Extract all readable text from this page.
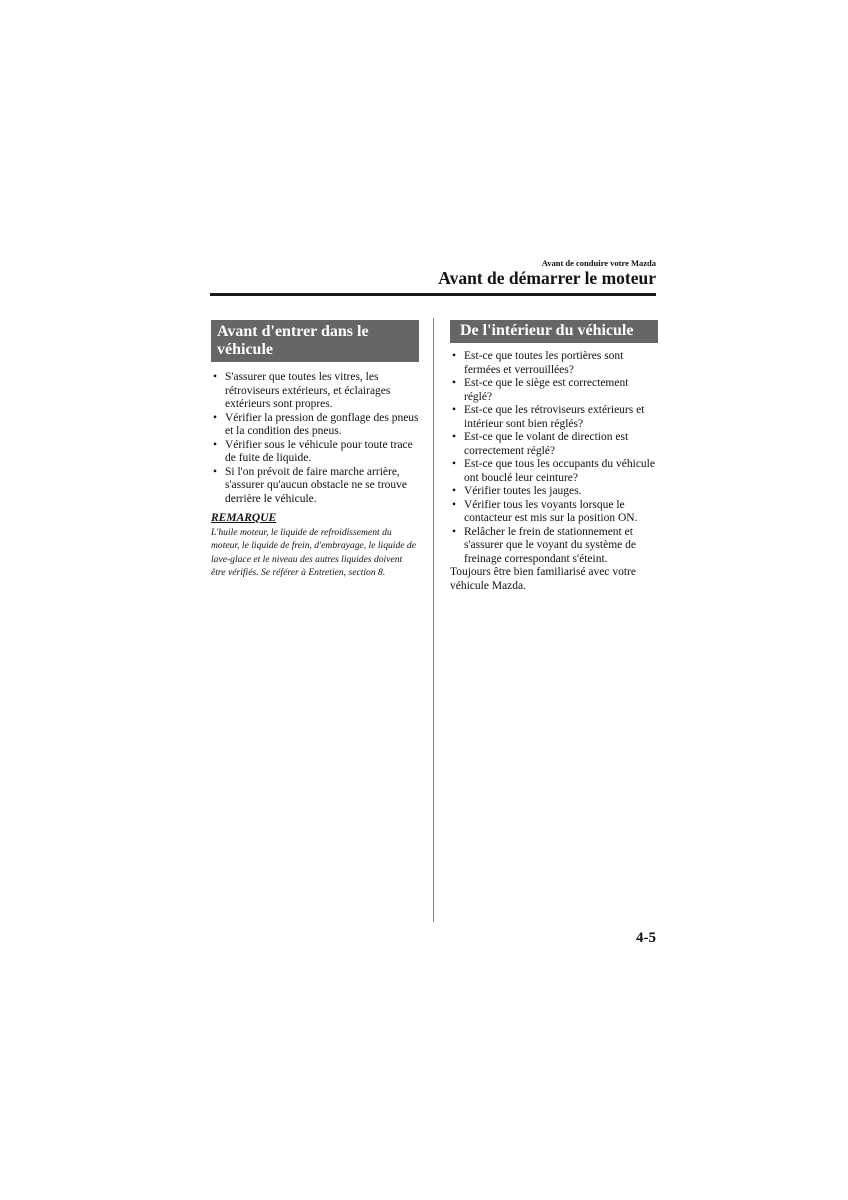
Avant de conduire votre Mazda
Avant de démarrer le moteur
Avant d'entrer dans le véhicule
• S'assurer que toutes les vitres, les rétroviseurs extérieurs, et éclairages extérieurs sont propres.
• Vérifier la pression de gonflage des pneus et la condition des pneus.
• Vérifier sous le véhicule pour toute trace de fuite de liquide.
• Si l'on prévoit de faire marche arrière, s'assurer qu'aucun obstacle ne se trouve derrière le véhicule.
REMARQUE
L'huile moteur, le liquide de refroidissement du moteur, le liquide de frein, d'embrayage, le liquide de lave-glace et le niveau des autres liquides doivent être vérifiés. Se référer à Entretien, section 8.
De l'intérieur du véhicule
• Est-ce que toutes les portières sont fermées et verrouillées?
• Est-ce que le siège est correctement réglé?
• Est-ce que les rétroviseurs extérieurs et intérieur sont bien réglés?
• Est-ce que le volant de direction est correctement réglé?
• Est-ce que tous les occupants du véhicule ont bouclé leur ceinture?
• Vérifier toutes les jauges.
• Vérifier tous les voyants lorsque le contacteur est mis sur la position ON.
• Relâcher le frein de stationnement et s'assurer que le voyant du système de freinage correspondant s'éteint.
Toujours être bien familiarisé avec votre véhicule Mazda.
4-5
